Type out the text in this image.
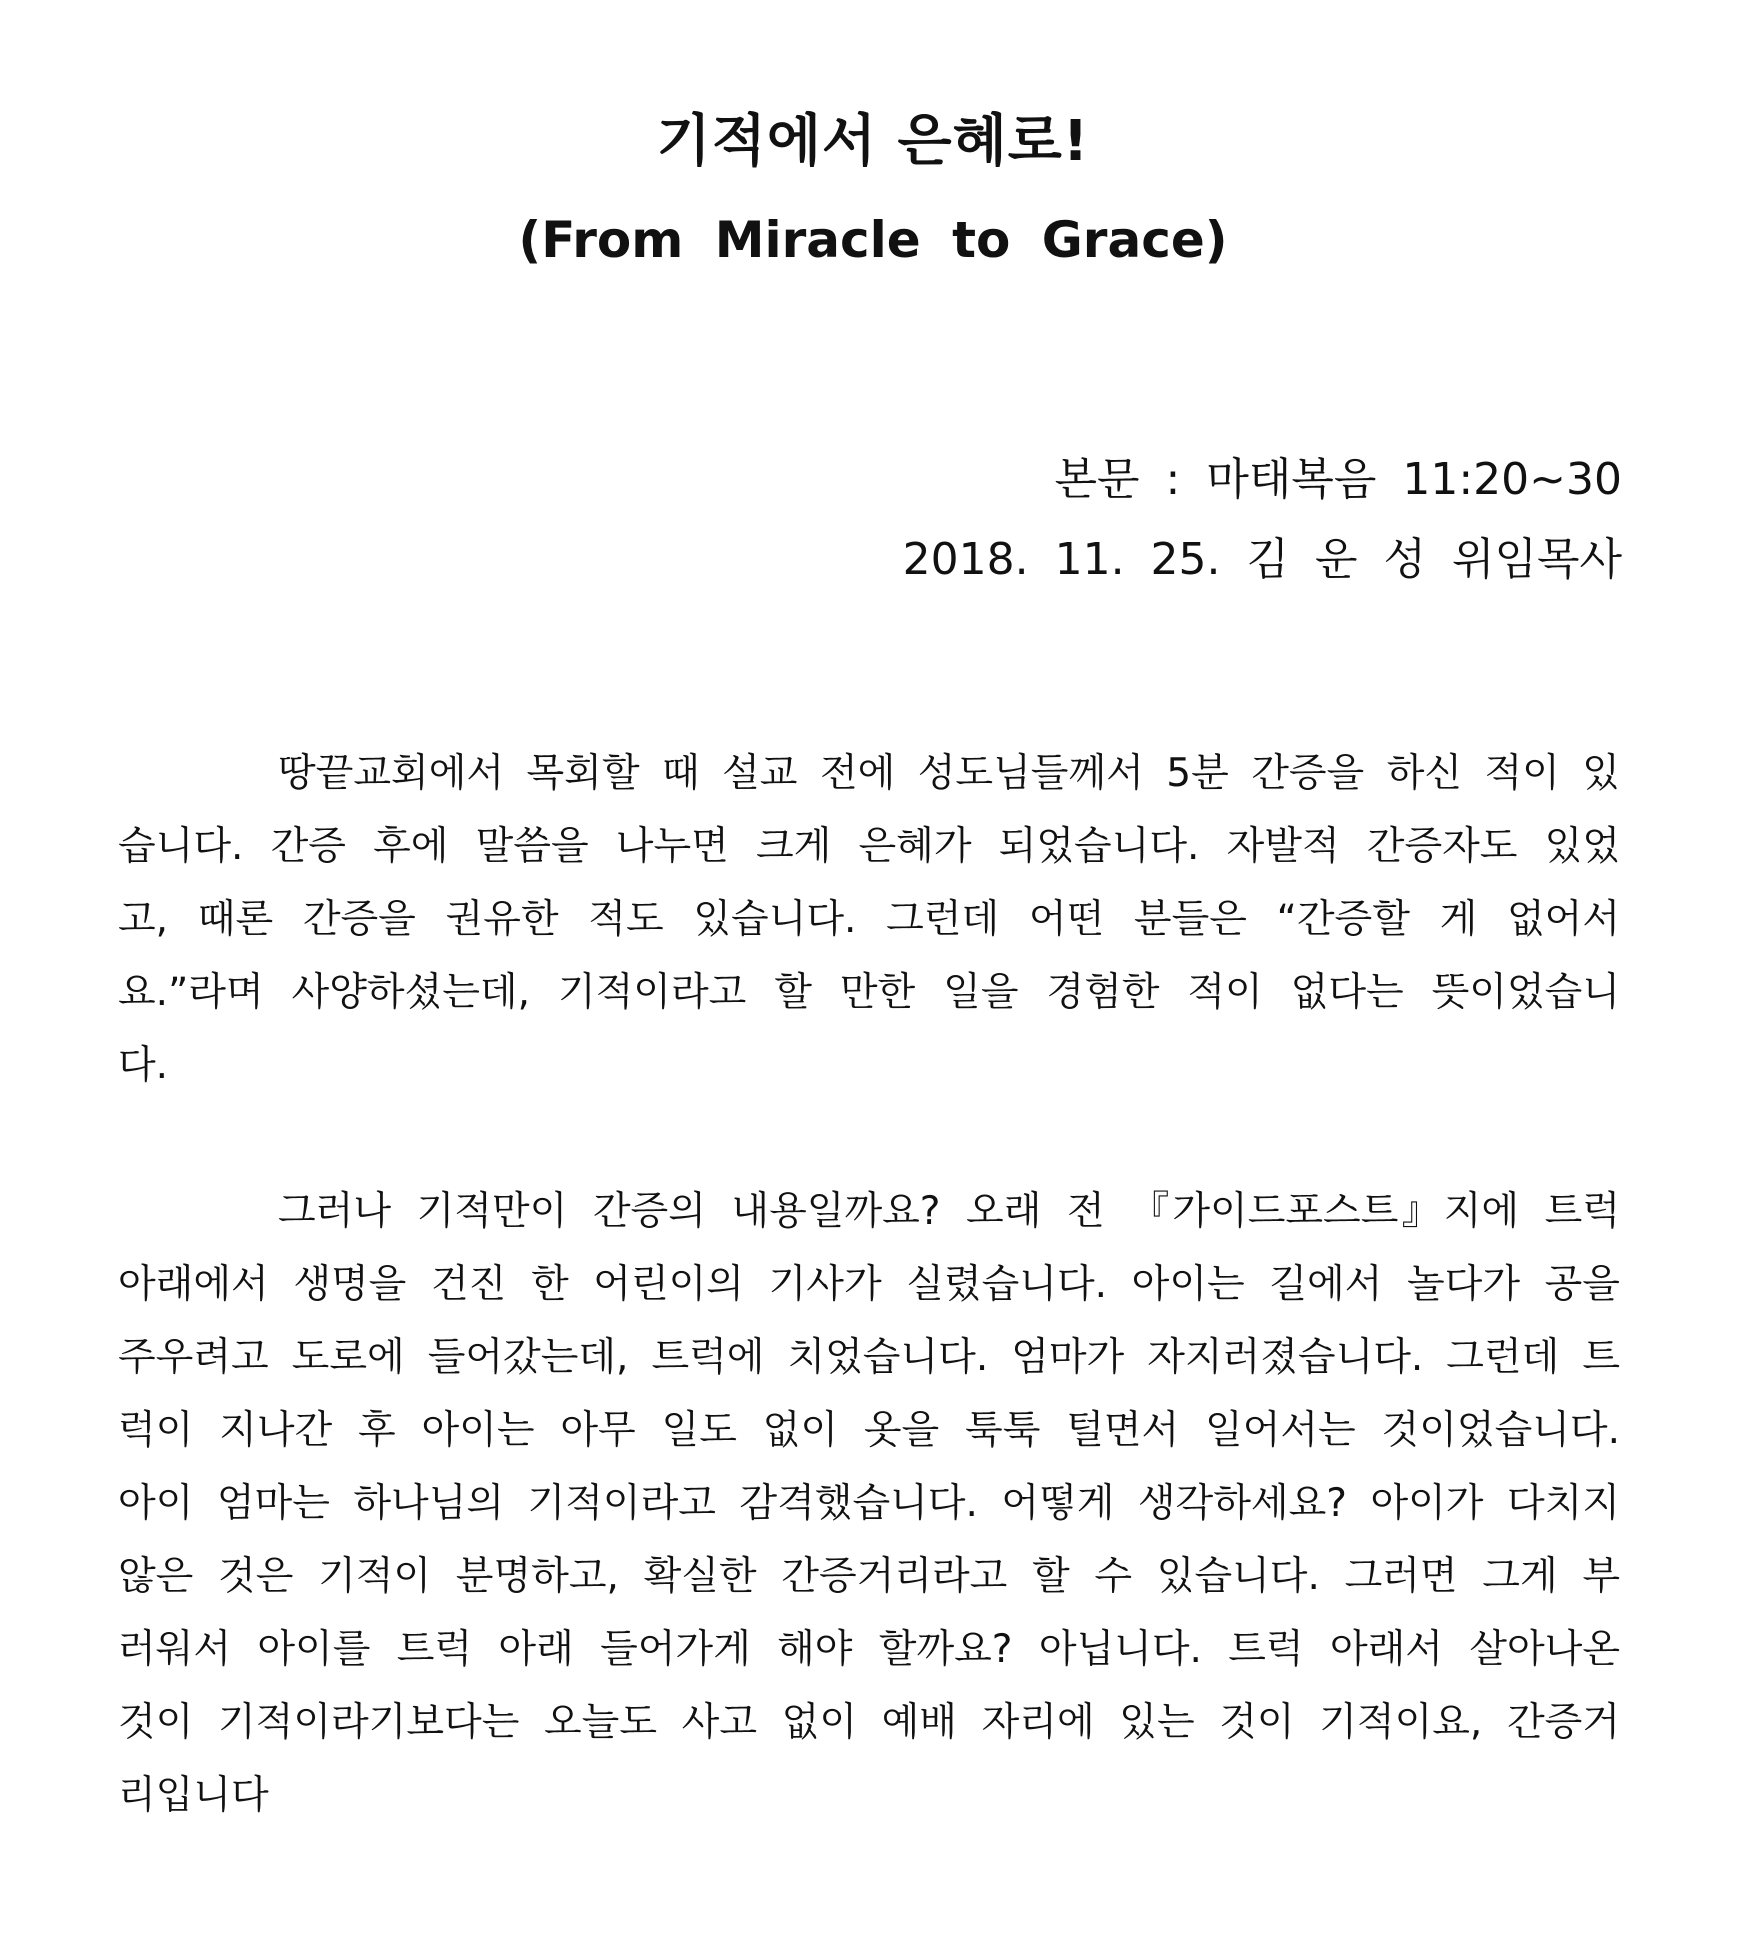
기적에서 은혜로!
(From Miracle to Grace)
본문 : 마태복음 11:20~30
2018. 11. 25. 김 운 성 위임목사

땅끝교회에서 목회할 때 설교 전에 성도님들께서 5분 간증을 하신 적이 있습니다. 간증 후에 말씀을 나누면 크게 은혜가 되었습니다. 자발적 간증자도 있었고, 때론 간증을 권유한 적도 있습니다. 그런데 어떤 분들은 “간증할 게 없어서요.”라며 사양하셨는데, 기적이라고 할 만한 일을 경험한 적이 없다는 뜻이었습니다.

그러나 기적만이 간증의 내용일까요? 오래 전 『가이드포스트』지에 트럭 아래에서 생명을 건진 한 어린이의 기사가 실렸습니다. 아이는 길에서 놀다가 공을 주우려고 도로에 들어갔는데, 트럭에 치었습니다. 엄마가 자지러졌습니다. 그런데 트럭이 지나간 후 아이는 아무 일도 없이 옷을 툭툭 털면서 일어서는 것이었습니다. 아이 엄마는 하나님의 기적이라고 감격했습니다. 어떻게 생각하세요? 아이가 다치지 않은 것은 기적이 분명하고, 확실한 간증거리라고 할 수 있습니다. 그러면 그게 부러워서 아이를 트럭 아래 들어가게 해야 할까요? 아닙니다. 트럭 아래서 살아나온 것이 기적이라기보다는 오늘도 사고 없이 예배 자리에 있는 것이 기적이요, 간증거리입니다
